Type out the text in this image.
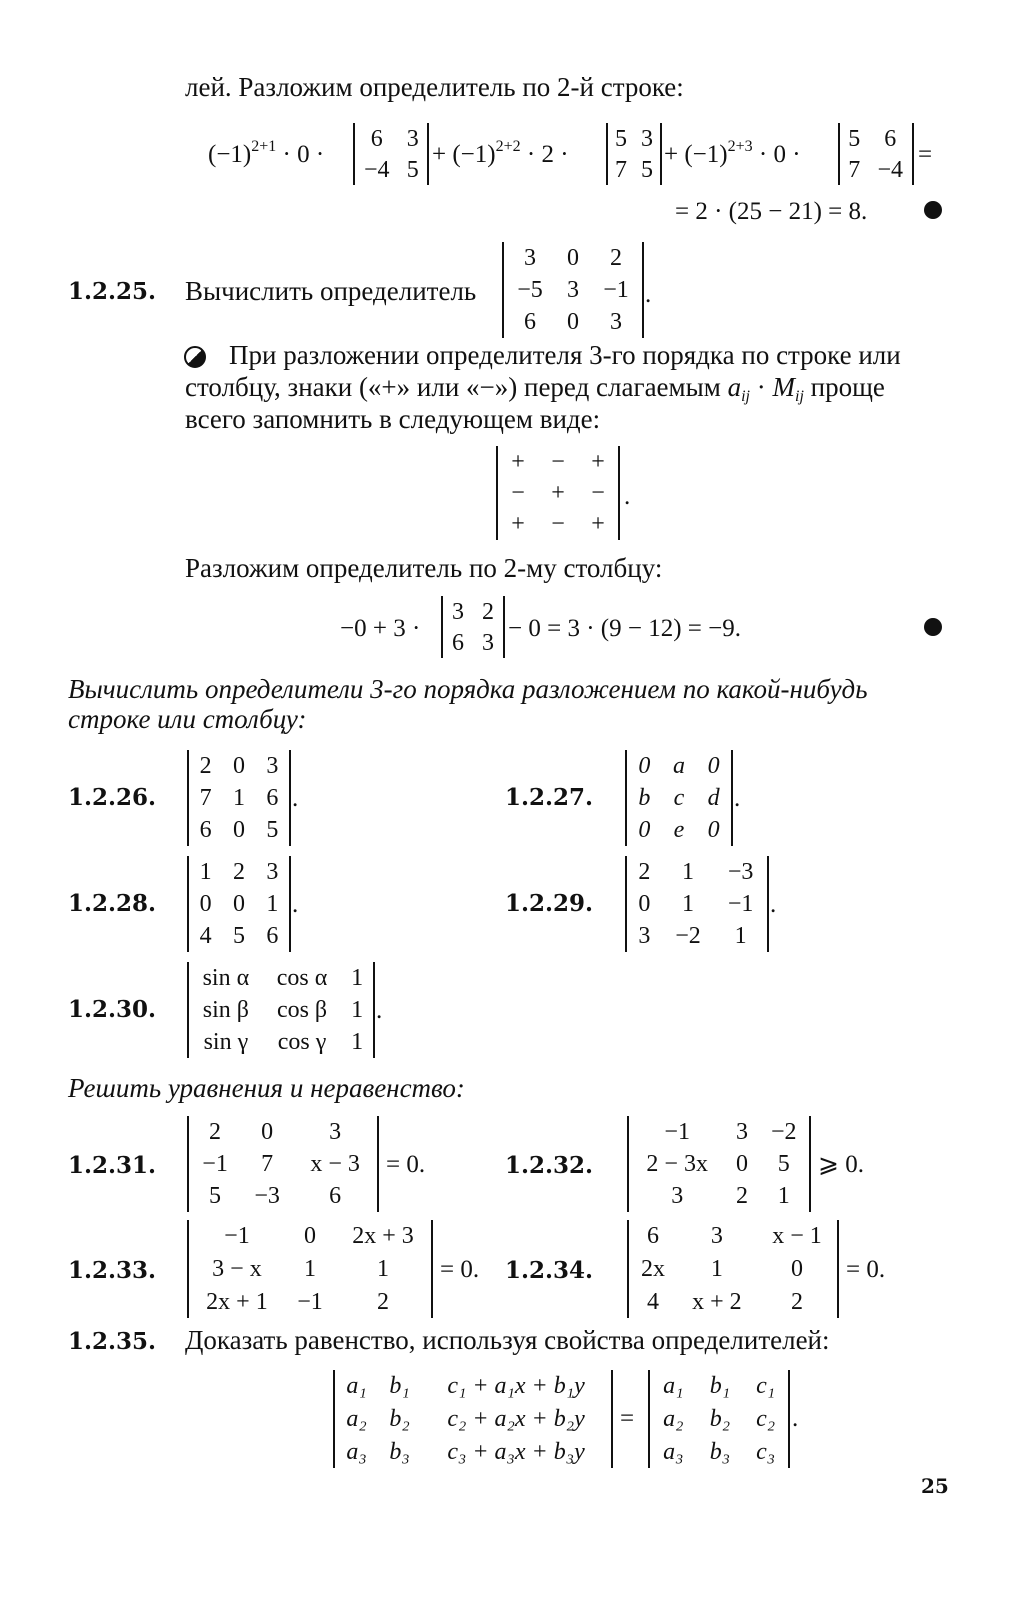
лей. Разложим определитель по 2-й строке:
$(-1)^{2+1} \cdot 0$ ·
6	3
−4	5
+ $(-1)^{2+2} \cdot 2$ ·
5	3
7	5
+ $(-1)^{2+3} \cdot 0$ ·
5	6
7	−4
=
= 2 · (25 − 21) = 8.
1.2.25. Вычислить определитель
3	0	2
−5	3	−1
6	0	3
.
При разложении определителя 3-го порядка по строке или
столбцу, знаки («+» или «−») перед слагаемым aij · Mij проще
всего запомнить в следующем виде:
+	−	+
−	+	−
+	−	+
.
Разложим определитель по 2-му столбцу:
−0 + 3 ·
3	2
6	3
− 0 = 3 · (9 − 12) = −9.
Вычислить определители 3-го порядка разложением по какой-нибудь
строке или столбцу:
1.2.26.
2	0	3
7	1	6
6	0	5
.	1.2.27.
0	a	0
b	c	d
0	e	0
.
1.2.28.
1	2	3
0	0	1
4	5	6
.	1.2.29.
2	1	−3
0	1	−1
3	−2	1
.
1.2.30.
sin α	cos α	1
sin β	cos β	1
sin γ	cos γ	1
.
Решить уравнения и неравенство:
1.2.31.
2	0	3
−1	7	x − 3
5	−3	6
= 0.	1.2.32.
−1	3	−2
2 − 3x	0	5
3	2	1
⩾ 0.
1.2.33.
−1	0	2x + 3
3 − x	1	1
2x + 1	−1	2
= 0. 1.2.34.
6	3	x − 1
2x	1	0
4	x + 2	2
= 0.
1.2.35. Доказать равенство, используя свойства определителей:
a₁	b₁	c₁ + a₁x + b₁y
a₂	b₂	c₂ + a₂x + b₂y
a₃	b₃	c₃ + a₃x + b₃y
=
a₁	b₁	c₁
a₂	b₂	c₂
a₃	b₃	c₃
.
25
